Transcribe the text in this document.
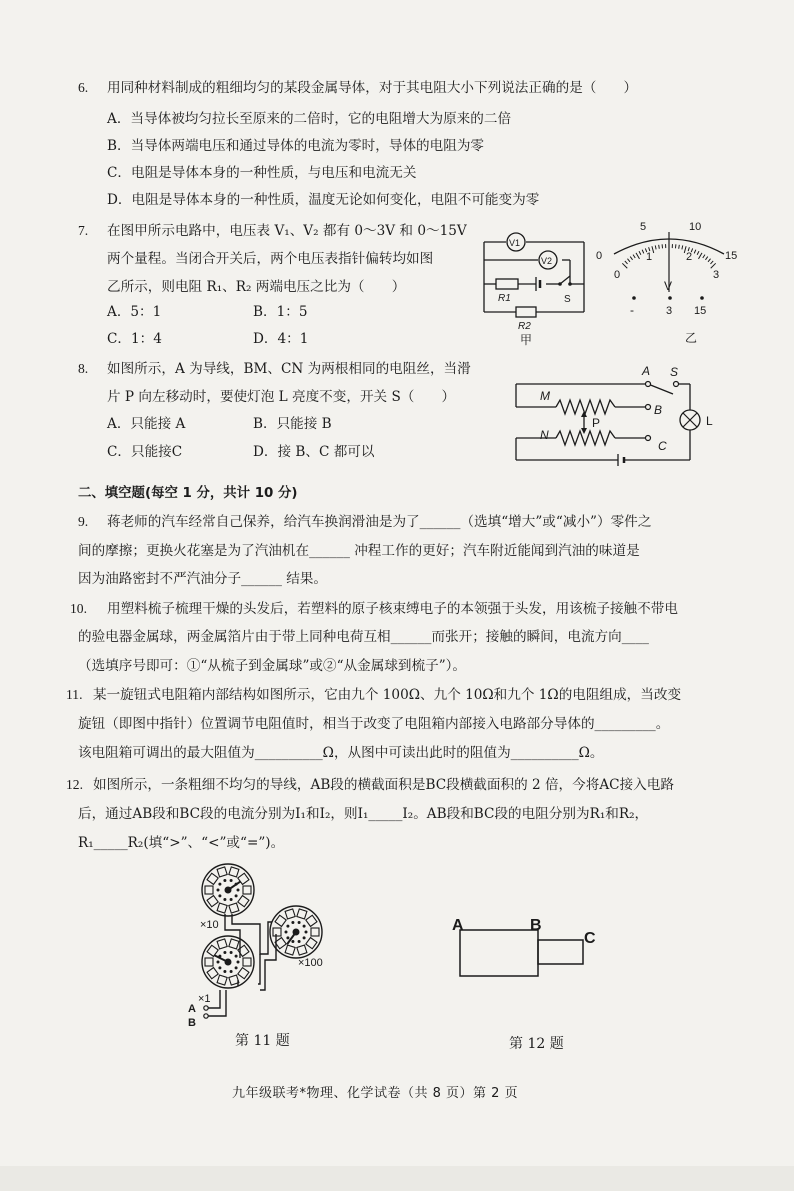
6. 用同种材料制成的粗细均匀的某段金属导体，对于其电阻大小下列说法正确的是（　　）
A．当导体被均匀拉长至原来的二倍时，它的电阻增大为原来的二倍
B．当导体两端电压和通过导体的电流为零时，导体的电阻为零
C．电阻是导体本身的一种性质，与电压和电流无关
D．电阻是导体本身的一种性质，温度无论如何变化，电阻不可能变为零
7. 在图甲所示电路中，电压表 V₁、V₂ 都有 0～3V 和 0～15V
两个量程。当闭合开关后，两个电压表指针偏转均如图
乙所示，则电阻 R₁、R₂ 两端电压之比为（　　）
A．5：1	B．1：5
C．1：4	D．4：1
V1
V2
R1	S
R2
甲
0
5	10
15
0
1	2
3
V
-	3 15
乙
8. 如图所示，A 为导线，BM、CN 为两根相同的电阻丝，当滑
片 P 向左移动时，要使灯泡 L 亮度不变，开关 S（　　）
A．只能接 A	B．只能接 B
C．只能接C	D．接 B、C 都可以
A S
M
B
P	L
N
C
二、填空题(每空 1 分，共计 10 分)
9. 蒋老师的汽车经常自己保养，给汽车换润滑油是为了______（选填“增大”或“减小”）零件之
间的摩擦；更换火花塞是为了汽油机在______ 冲程工作的更好；汽车附近能闻到汽油的味道是
因为油路密封不严汽油分子______ 结果。
10. 用塑料梳子梳理干燥的头发后，若塑料的原子核束缚电子的本领强于头发，用该梳子接触不带电
的验电器金属球，两金属箔片由于带上同种电荷互相______而张开；接触的瞬间，电流方向____
（选填序号即可：①“从梳子到金属球”或②“从金属球到梳子”）。
11. 某一旋钮式电阻箱内部结构如图所示，它由九个 100Ω、九个 10Ω和九个 1Ω的电阻组成，当改变
旋钮（即图中指针）位置调节电阻值时，相当于改变了电阻箱内部接入电路部分导体的_________。
该电阻箱可调出的最大阻值为__________Ω，从图中可读出此时的阻值为__________Ω。
12. 如图所示，一条粗细不均匀的导线，AB段的横截面积是BC段横截面积的 2 倍，今将AC接入电路
后，通过AB段和BC段的电流分别为I₁和I₂，则I₁_____I₂。AB段和BC段的电阻分别为R₁和R₂，
R₁_____R₂(填“>”、“<”或“=”)。
×10
×100
×1
A
B
第 11 题
A	B
C
第 12 题
九年级联考*物理、化学试卷（共 8 页）第 2 页
